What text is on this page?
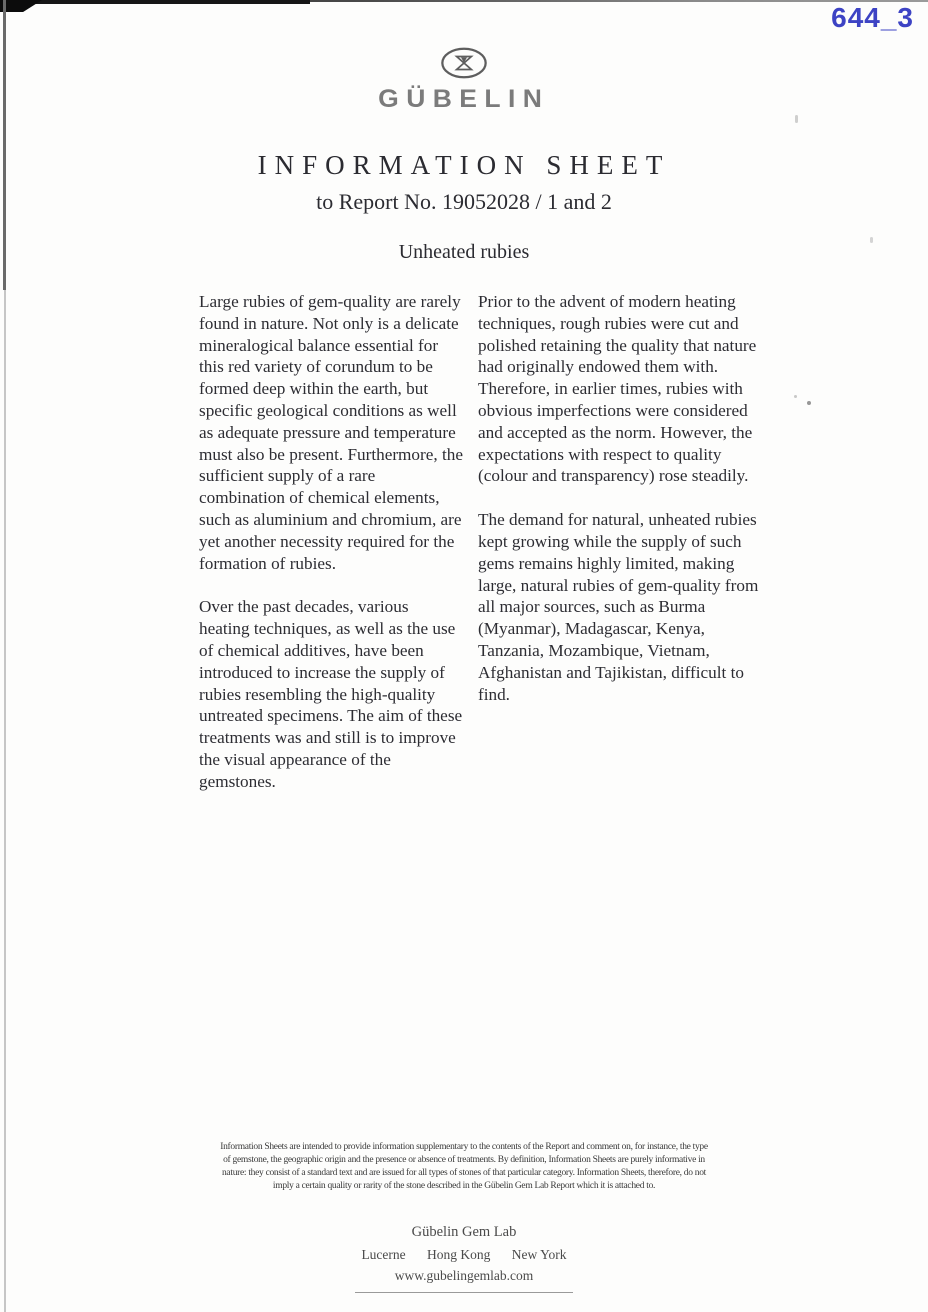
644_3
GÜBELIN
INFORMATION SHEET
to Report No. 19052028 / 1 and 2
Unheated rubies

Large rubies of gem-quality are rarely found in nature. Not only is a delicate mineralogical balance essential for this red variety of corundum to be formed deep within the earth, but specific geological conditions as well as adequate pressure and temperature must also be present. Furthermore, the sufficient supply of a rare combination of chemical elements, such as aluminium and chromium, are yet another necessity required for the formation of rubies.

Over the past decades, various heating techniques, as well as the use of chemical additives, have been introduced to increase the supply of rubies resembling the high-quality untreated specimens. The aim of these treatments was and still is to improve the visual appearance of the gemstones.

Prior to the advent of modern heating techniques, rough rubies were cut and polished retaining the quality that nature had originally endowed them with. Therefore, in earlier times, rubies with obvious imperfections were considered and accepted as the norm. However, the expectations with respect to quality (colour and transparency) rose steadily.

The demand for natural, unheated rubies kept growing while the supply of such gems remains highly limited, making large, natural rubies of gem-quality from all major sources, such as Burma (Myanmar), Madagascar, Kenya, Tanzania, Mozambique, Vietnam, Afghanistan and Tajikistan, difficult to find.

Information Sheets are intended to provide information supplementary to the contents of the Report and comment on, for instance, the type
of gemstone, the geographic origin and the presence or absence of treatments. By definition, Information Sheets are purely informative in
nature: they consist of a standard text and are issued for all types of stones of that particular category. Information Sheets, therefore, do not
imply a certain quality or rarity of the stone described in the Gübelin Gem Lab Report which it is attached to.
Gübelin Gem Lab
Lucerne Hong Kong New York
www.gubelingemlab.com
